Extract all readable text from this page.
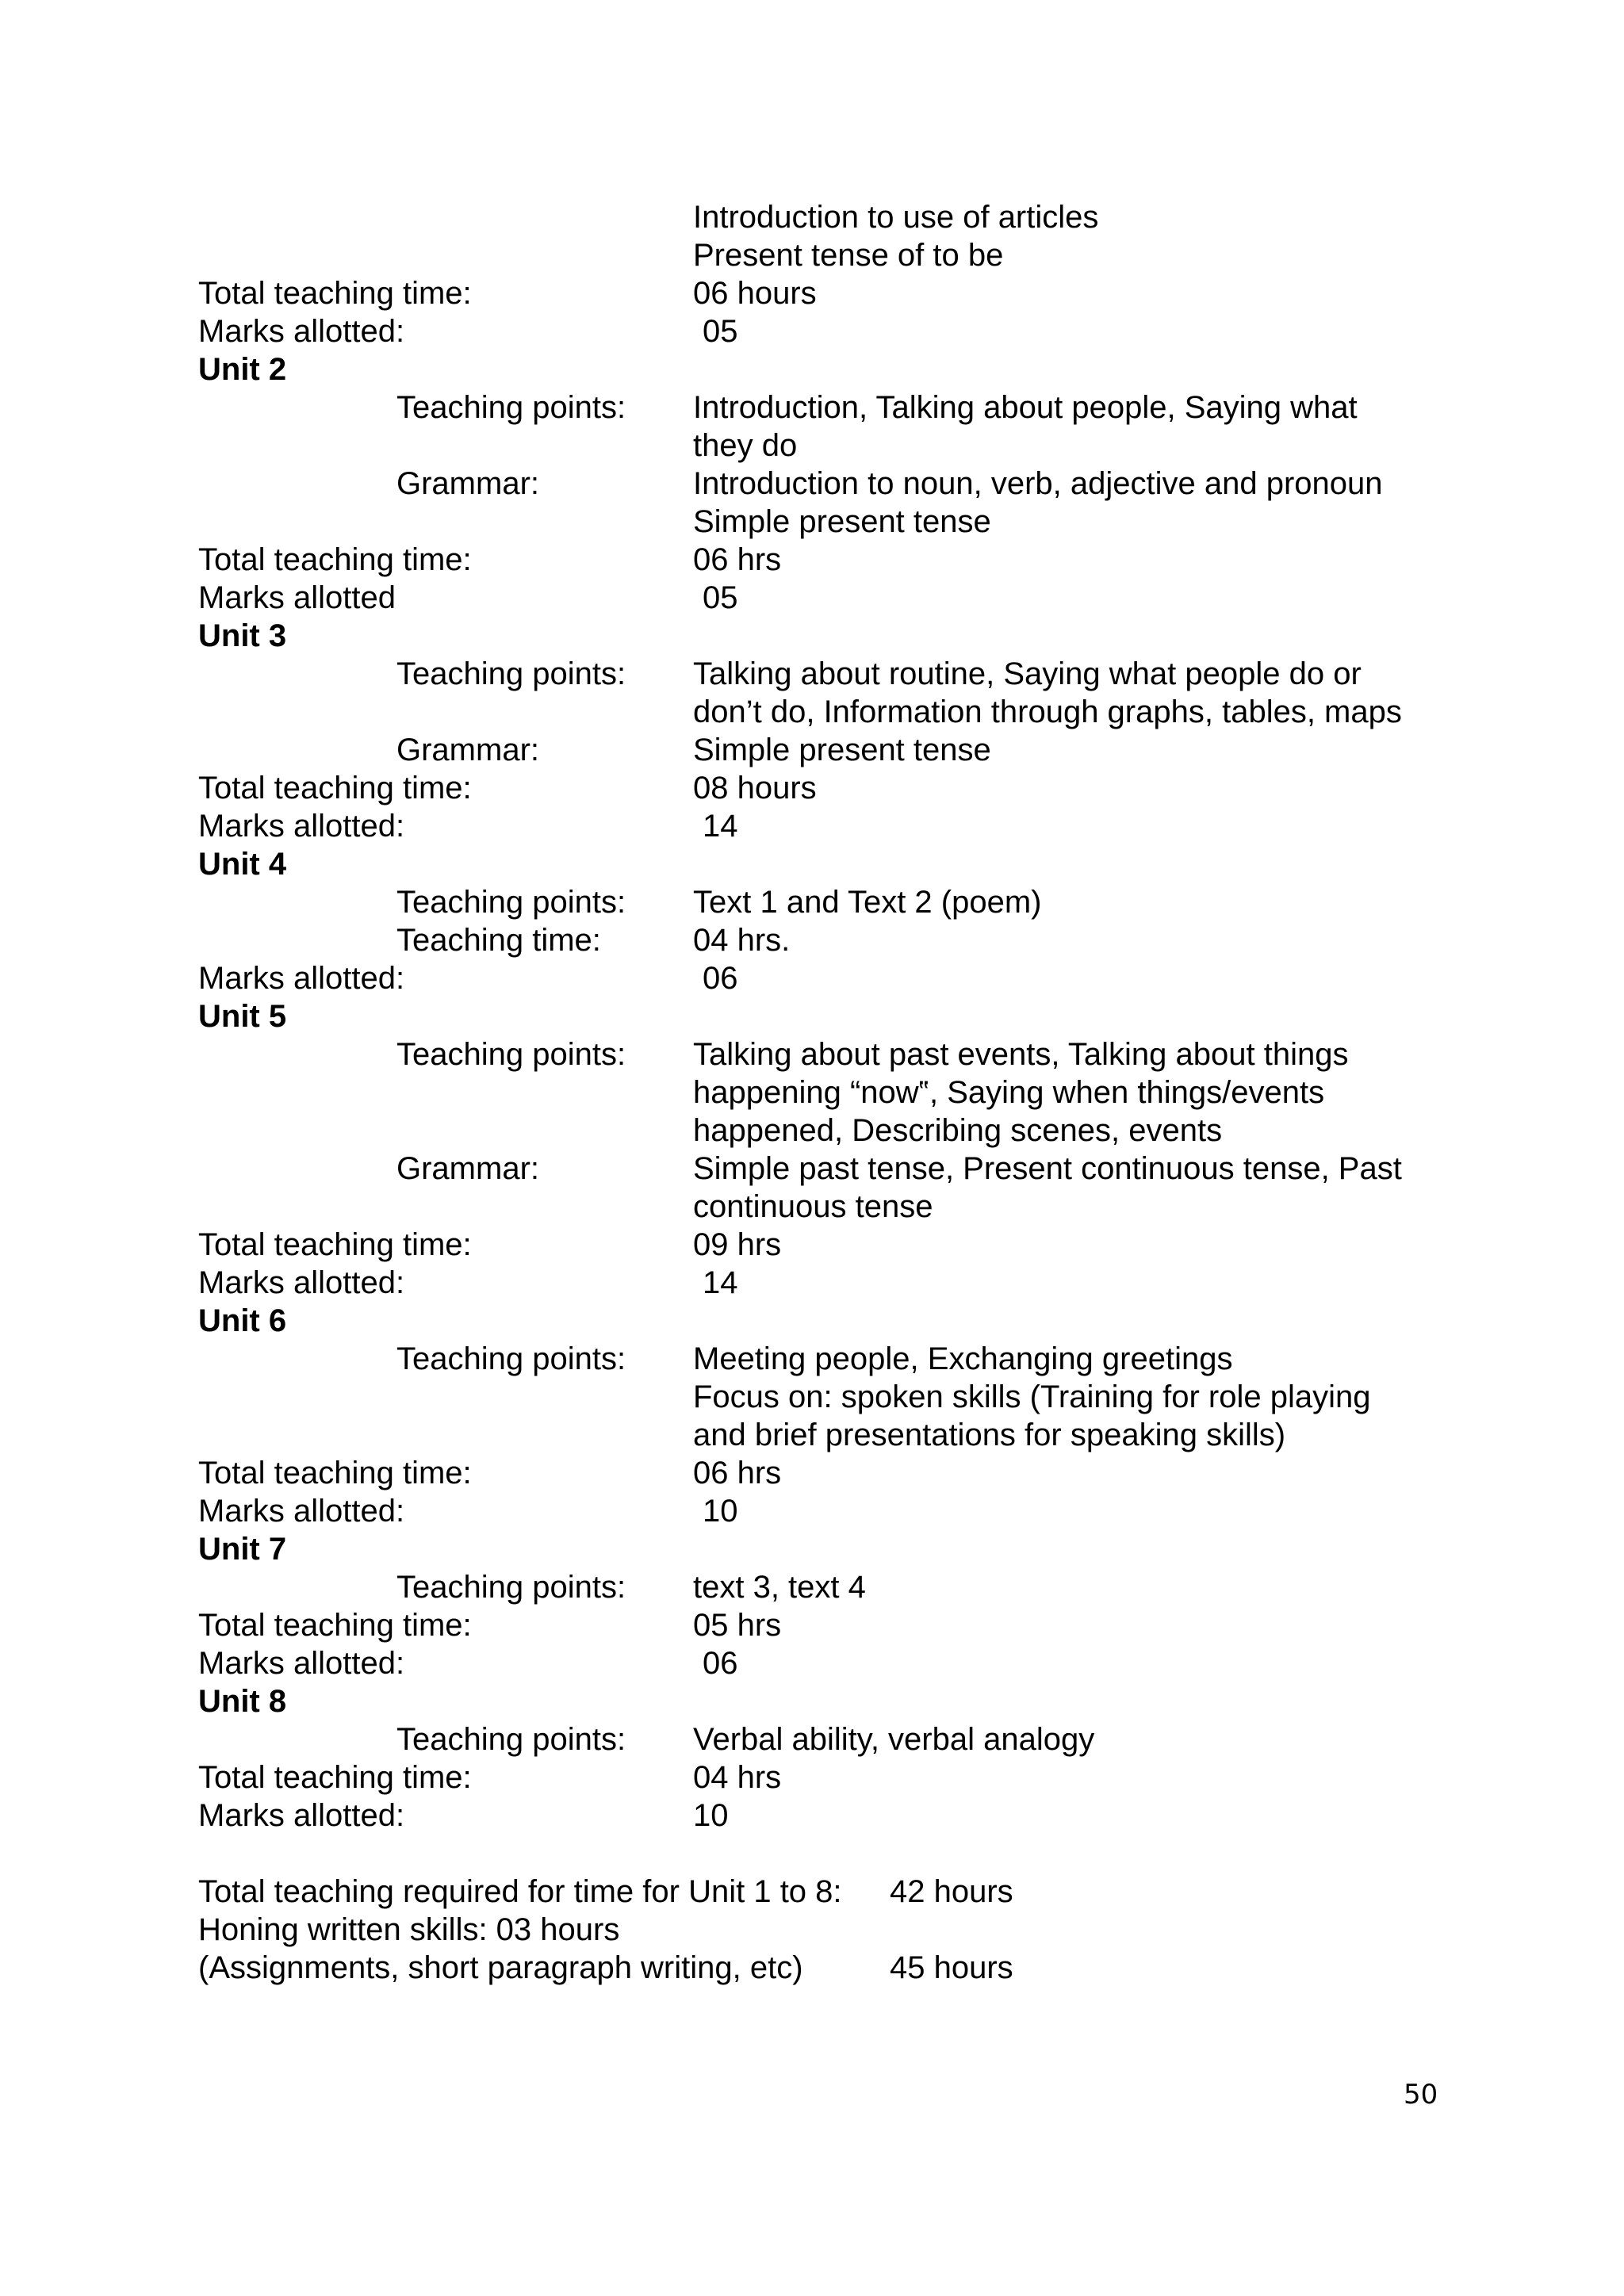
Introduction to use of articles
Present tense of to be
Total teaching time:	06 hours
Marks allotted:	05
Unit 2
Teaching points: Introduction, Talking about people, Saying what
they do
Grammar:	Introduction to noun, verb, adjective and pronoun
Simple present tense
Total teaching time:	06 hrs
Marks allotted	05
Unit 3
Teaching points: Talking about routine, Saying what people do or
don’t do, Information through graphs, tables, maps
Grammar:	Simple present tense
Total teaching time:	08 hours
Marks allotted:	14
Unit 4
Teaching points: Text 1 and Text 2 (poem)
Teaching time:	04 hrs.
Marks allotted:	06
Unit 5
Teaching points: Talking about past events, Talking about things
happening “now‟, Saying when things/events
happened, Describing scenes, events
Grammar:	Simple past tense, Present continuous tense, Past
continuous tense
Total teaching time:	09 hrs
Marks allotted:	14
Unit 6
Teaching points: Meeting people, Exchanging greetings
Focus on: spoken skills (Training for role playing
and brief presentations for speaking skills)
Total teaching time:	06 hrs
Marks allotted:	10
Unit 7
Teaching points: text 3, text 4
Total teaching time:	05 hrs
Marks allotted:	06
Unit 8
Teaching points: Verbal ability, verbal analogy
Total teaching time:	04 hrs
Marks allotted:	10
Total teaching required for time for Unit 1 to 8: 42 hours
Honing written skills: 03 hours
(Assignments, short paragraph writing, etc)	45 hours
50
